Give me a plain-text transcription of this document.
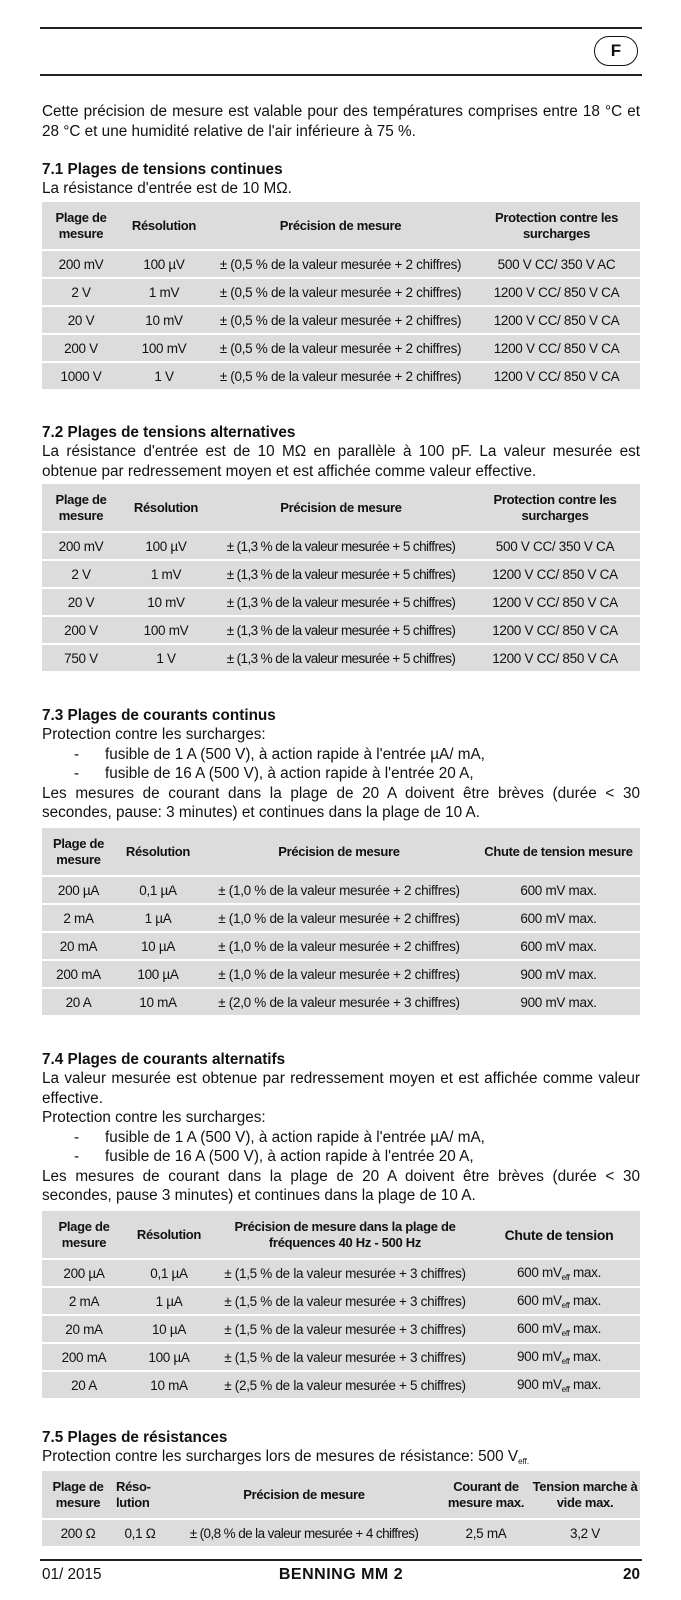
F

Cette précision de mesure est valable pour des températures comprises entre 18 °C et 28 °C et une humidité relative de l'air inférieure à 75 %.

7.1 Plages de tensions continues

La résistance d'entrée est de 10 MΩ.

Plage de mesure	Résolution	Précision de mesure	Protection contre les surcharges
200 mV	100 µV	± (0,5 % de la valeur mesurée + 2 chiffres)	500 V CC/ 350 V AC
2 V	1 mV	± (0,5 % de la valeur mesurée + 2 chiffres)	1200 V CC/ 850 V CA
20 V	10 mV	± (0,5 % de la valeur mesurée + 2 chiffres)	1200 V CC/ 850 V CA
200 V	100 mV	± (0,5 % de la valeur mesurée + 2 chiffres)	1200 V CC/ 850 V CA
1000 V	1 V	± (0,5 % de la valeur mesurée + 2 chiffres)	1200 V CC/ 850 V CA
7.2 Plages de tensions alternatives

La résistance d'entrée est de 10 MΩ en parallèle à 100 pF. La valeur mesurée est obtenue par redressement moyen et est affichée comme valeur effective.

Plage de mesure	Résolution	Précision de mesure	Protection contre les surcharges
200 mV	100 µV	± (1,3 % de la valeur mesurée + 5 chiffres)	500 V CC/ 350 V CA
2 V	1 mV	± (1,3 % de la valeur mesurée + 5 chiffres)	1200 V CC/ 850 V CA
20 V	10 mV	± (1,3 % de la valeur mesurée + 5 chiffres)	1200 V CC/ 850 V CA
200 V	100 mV	± (1,3 % de la valeur mesurée + 5 chiffres)	1200 V CC/ 850 V CA
750 V	1 V	± (1,3 % de la valeur mesurée + 5 chiffres)	1200 V CC/ 850 V CA
7.3 Plages de courants continus

Protection contre les surcharges:

-	fusible de 1 A (500 V), à action rapide à l'entrée µA/ mA,
-	fusible de 16 A (500 V), à action rapide à l'entrée 20 A,

Les mesures de courant dans la plage de 20 A doivent être brèves (durée < 30 secondes, pause: 3 minutes) et continues dans la plage de 10 A.

Plage de mesure	Résolution	Précision de mesure	Chute de tension mesure
200 µA	0,1 µA	± (1,0 % de la valeur mesurée + 2 chiffres)	600 mV max.
2 mA	1 µA	± (1,0 % de la valeur mesurée + 2 chiffres)	600 mV max.
20 mA	10 µA	± (1,0 % de la valeur mesurée + 2 chiffres)	600 mV max.
200 mA	100 µA	± (1,0 % de la valeur mesurée + 2 chiffres)	900 mV max.
20 A	10 mA	± (2,0 % de la valeur mesurée + 3 chiffres)	900 mV max.
7.4 Plages de courants alternatifs

La valeur mesurée est obtenue par redressement moyen et est affichée comme valeur effective.

Protection contre les surcharges:

-	fusible de 1 A (500 V), à action rapide à l'entrée µA/ mA,
-	fusible de 16 A (500 V), à action rapide à l'entrée 20 A,

Les mesures de courant dans la plage de 20 A doivent être brèves (durée < 30 secondes, pause 3 minutes) et continues dans la plage de 10 A.

Plage de mesure	Résolution	Précision de mesure dans la plage de fréquences 40 Hz - 500 Hz	Chute de tension
200 µA	0,1 µA	± (1,5 % de la valeur mesurée + 3 chiffres)	600 $mV_{eff}$ max.
2 mA	1 µA	± (1,5 % de la valeur mesurée + 3 chiffres)	600 $mV_{eff}$ max.
20 mA	10 µA	± (1,5 % de la valeur mesurée + 3 chiffres)	600 $mV_{eff}$ max.
200 mA	100 µA	± (1,5 % de la valeur mesurée + 3 chiffres)	900 $mV_{eff}$ max.
20 A	10 mA	± (2,5 % de la valeur mesurée + 5 chiffres)	900 $mV_{eff}$ max.
7.5 Plages de résistances

Protection contre les surcharges lors de mesures de résistance: 500 $V_{eff.}$

Plage de mesure	Réso- lution	Précision de mesure	Courant de mesure max.	Tension marche à vide max.
200 Ω	0,1 Ω	± (0,8 % de la valeur mesurée + 4 chiffres)	2,5 mA	3,2 V
01/ 2015	BENNING MM 2	20
